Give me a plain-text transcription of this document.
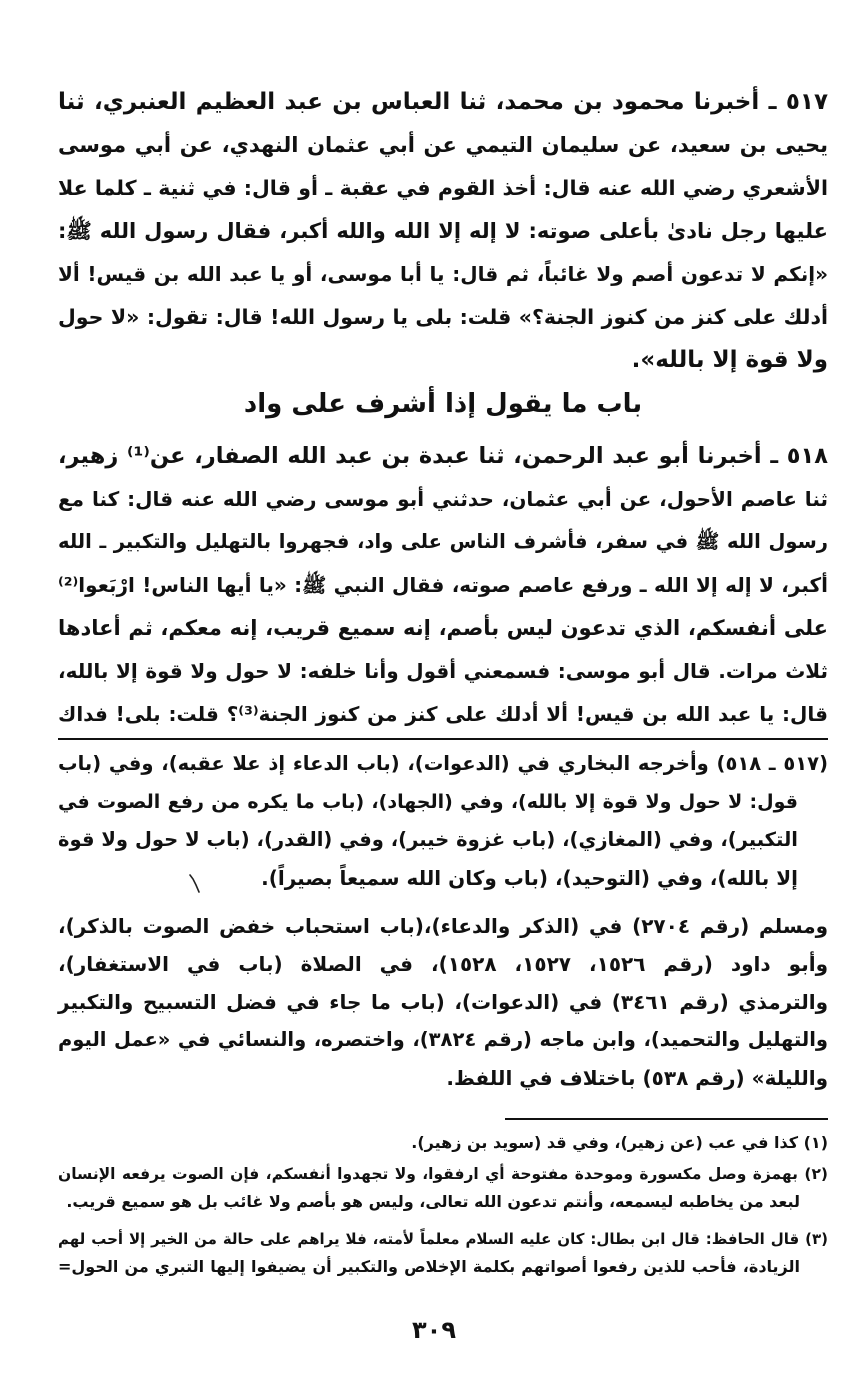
٥١٧ ـ أخبرنا محمود بن محمد، ثنا العباس بن عبد العظيم العنبري، ثنا
يحيى بن سعيد، عن سليمان التيمي عن أبي عثمان النهدي، عن أبي موسى
الأشعري رضي الله عنه قال: أخذ القوم في عقبة ـ أو قال: في ثنية ـ كلما علا
عليها رجل نادىٰ بأعلى صوته: لا إله إلا الله والله أكبر، فقال رسول الله ﷺ:
«إنكم لا تدعون أصم ولا غائباً، ثم قال: يا أبا موسى، أو يا عبد الله بن قيس! ألا
أدلك على كنز من كنوز الجنة؟» قلت: بلى يا رسول الله! قال: تقول: «لا حول
ولا قوة إلا بالله».
باب ما يقول إذا أشرف على واد
٥١٨ ـ أخبرنا أبو عبد الرحمن، ثنا عبدة بن عبد الله الصفار، عن⁽¹⁾ زهير،
ثنا عاصم الأحول، عن أبي عثمان، حدثني أبو موسى رضي الله عنه قال: كنا مع
رسول الله ﷺ في سفر، فأشرف الناس على واد، فجهروا بالتهليل والتكبير ـ الله
أكبر، لا إله إلا الله ـ ورفع عاصم صوته، فقال النبي ﷺ: «يا أيها الناس! ارْبَعوا⁽²⁾
على أنفسكم، الذي تدعون ليس بأصم، إنه سميع قريب، إنه معكم، ثم أعادها
ثلاث مرات. قال أبو موسى: فسمعني أقول وأنا خلفه: لا حول ولا قوة إلا بالله،
قال: يا عبد الله بن قيس! ألا أدلك على كنز من كنوز الجنة⁽³⁾؟ قلت: بلى! فداك
(٥١٧ ـ ٥١٨) وأخرجه البخاري في (الدعوات)، (باب الدعاء إذ علا عقبه)، وفي (باب
قول: لا حول ولا قوة إلا بالله)، وفي (الجهاد)، (باب ما يكره من رفع الصوت في
التكبير)، وفي (المغازي)، (باب غزوة خيبر)، وفي (القدر)، (باب لا حول ولا قوة
إلا بالله)، وفي (التوحيد)، (باب وكان الله سميعاً بصيراً).
ومسلم (رقم ٢٧٠٤) في (الذكر والدعاء)،(باب استحباب خفض الصوت بالذكر)،
وأبو داود (رقم ١٥٢٦، ١٥٢٧، ١٥٢٨)، في الصلاة (باب في الاستغفار)،
والترمذي (رقم ٣٤٦١) في (الدعوات)، (باب ما جاء في فضل التسبيح والتكبير
والتهليل والتحميد)، وابن ماجه (رقم ٣٨٢٤)، واختصره، والنسائي في «عمل اليوم
والليلة» (رقم ٥٣٨) باختلاف في اللفظ.
(١) كذا في عب (عن زهير)، وفي قد (سويد بن زهير).
(٢) بهمزة وصل مكسورة وموحدة مفتوحة أي ارفقوا، ولا تجهدوا أنفسكم، فإن الصوت يرفعه الإنسان
لبعد من يخاطبه ليسمعه، وأنتم تدعون الله تعالى، وليس هو بأصم ولا غائب بل هو سميع قريب.
(٣) قال الحافظ: قال ابن بطال: كان عليه السلام معلماً لأمته، فلا يراهم على حالة من الخير إلا أحب لهم
الزيادة، فأحب للذين رفعوا أصواتهم بكلمة الإخلاص والتكبير أن يضيفوا إليها التبري من الحول=
٣٠٩
